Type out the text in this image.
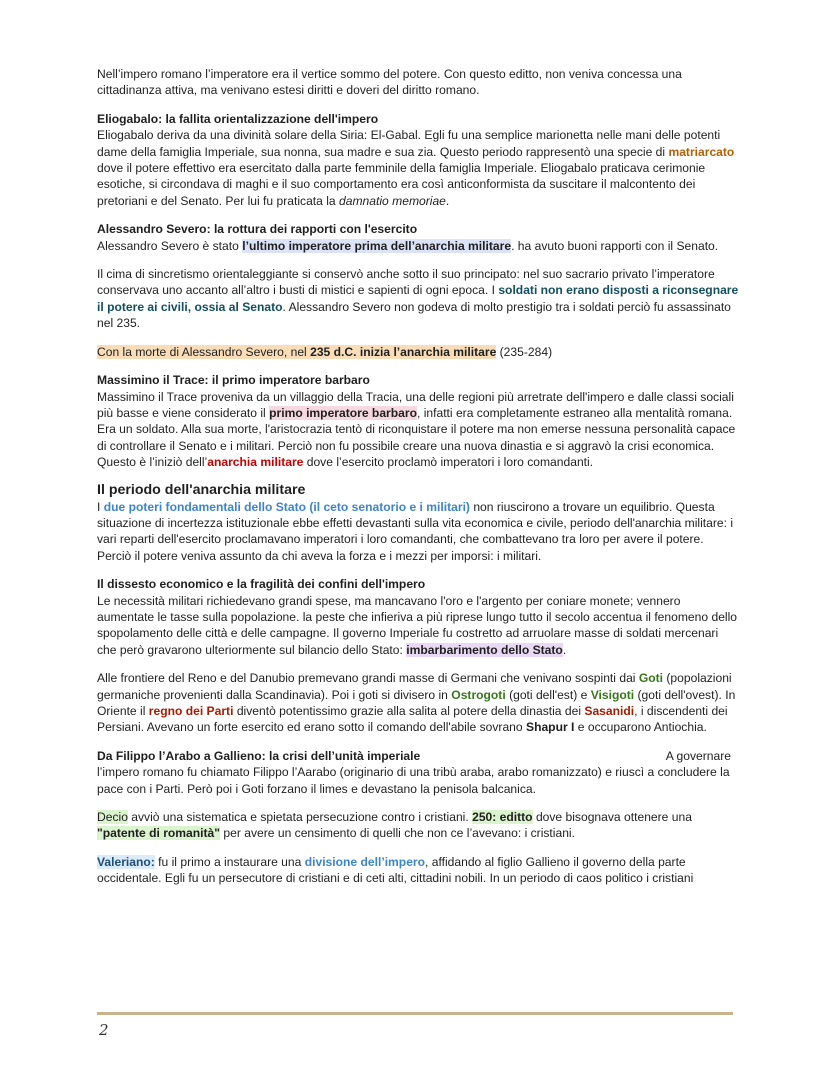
Nell’impero romano l’imperatore era il vertice sommo del potere. Con questo editto, non veniva concessa una cittadinanza attiva, ma venivano estesi diritti e doveri del diritto romano.

Eliogabalo: la fallita orientalizzazione dell'impero

Eliogabalo deriva da una divinità solare della Siria: El-Gabal. Egli fu una semplice marionetta nelle mani delle potenti dame della famiglia Imperiale, sua nonna, sua madre e sua zia. Questo periodo rappresentò una specie di matriarcato dove il potere effettivo era esercitato dalla parte femminile della famiglia Imperiale. Eliogabalo praticava cerimonie esotiche, si circondava di maghi e il suo comportamento era così anticonformista da suscitare il malcontento dei pretoriani e del Senato. Per lui fu praticata la damnatio memoriae.

Alessandro Severo: la rottura dei rapporti con l'esercito

Alessandro Severo è stato l’ultimo imperatore prima dell’anarchia militare. ha avuto buoni rapporti con il Senato.

Il cima di sincretismo orientaleggiante si conservò anche sotto il suo principato: nel suo sacrario privato l’imperatore conservava uno accanto all’altro i busti di mistici e sapienti di ogni epoca. I soldati non erano disposti a riconsegnare il potere ai civili, ossia al Senato. Alessandro Severo non godeva di molto prestigio tra i soldati perciò fu assassinato nel 235.

Con la morte di Alessandro Severo, nel 235 d.C. inizia l’anarchia militare (235-284)

Massimino il Trace: il primo imperatore barbaro

Massimino il Trace proveniva da un villaggio della Tracia, una delle regioni più arretrate dell'impero e dalle classi sociali più basse e viene considerato il primo imperatore barbaro, infatti era completamente estraneo alla mentalità romana. Era un soldato. Alla sua morte, l'aristocrazia tentò di riconquistare il potere ma non emerse nessuna personalità capace di controllare il Senato e i militari. Perciò non fu possibile creare una nuova dinastia e si aggravò la crisi economica. Questo è l’iniziò dell’anarchia militare dove l’esercito proclamò imperatori i loro comandanti.

Il periodo dell'anarchia militare

I due poteri fondamentali dello Stato (il ceto senatorio e i militari) non riuscirono a trovare un equilibrio. Questa situazione di incertezza istituzionale ebbe effetti devastanti sulla vita economica e civile, periodo dell'anarchia militare: i vari reparti dell'esercito proclamavano imperatori i loro comandanti, che combattevano tra loro per avere il potere. Perciò il potere veniva assunto da chi aveva la forza e i mezzi per imporsi: i militari.

Il dissesto economico e la fragilità dei confini dell'impero

Le necessità militari richiedevano grandi spese, ma mancavano l'oro e l'argento per coniare monete; vennero aumentate le tasse sulla popolazione. la peste che infieriva a più riprese lungo tutto il secolo accentua il fenomeno dello spopolamento delle città e delle campagne. Il governo Imperiale fu costretto ad arruolare masse di soldati mercenari che però gravarono ulteriormente sul bilancio dello Stato: imbarbarimento dello Stato.

Alle frontiere del Reno e del Danubio premevano grandi masse di Germani che venivano sospinti dai Goti (popolazioni germaniche provenienti dalla Scandinavia). Poi i goti si divisero in Ostrogoti (goti dell'est) e Visigoti (goti dell'ovest). In Oriente il regno dei Parti diventò potentissimo grazie alla salita al potere della dinastia dei Sasanidi, i discendenti dei Persiani. Avevano un forte esercito ed erano sotto il comando dell'abile sovrano Shapur I e occuparono Antiochia.

Da Filippo l’Arabo a Gallieno: la crisi dell’unità imperiale	A governare

l’impero romano fu chiamato Filippo l’Aarabo (originario di una tribù araba, arabo romanizzato) e riuscì a concludere la pace con i Parti. Però poi i Goti forzano il limes e devastano la penisola balcanica.

Decio avviò una sistematica e spietata persecuzione contro i cristiani. 250: editto dove bisognava ottenere una "patente di romanità" per avere un censimento di quelli che non ce l’avevano: i cristiani.

Valeriano: fu il primo a instaurare una divisione dell’impero, affidando al figlio Gallieno il governo della parte occidentale. Egli fu un persecutore di cristiani e di ceti alti, cittadini nobili. In un periodo di caos politico i cristiani

2
